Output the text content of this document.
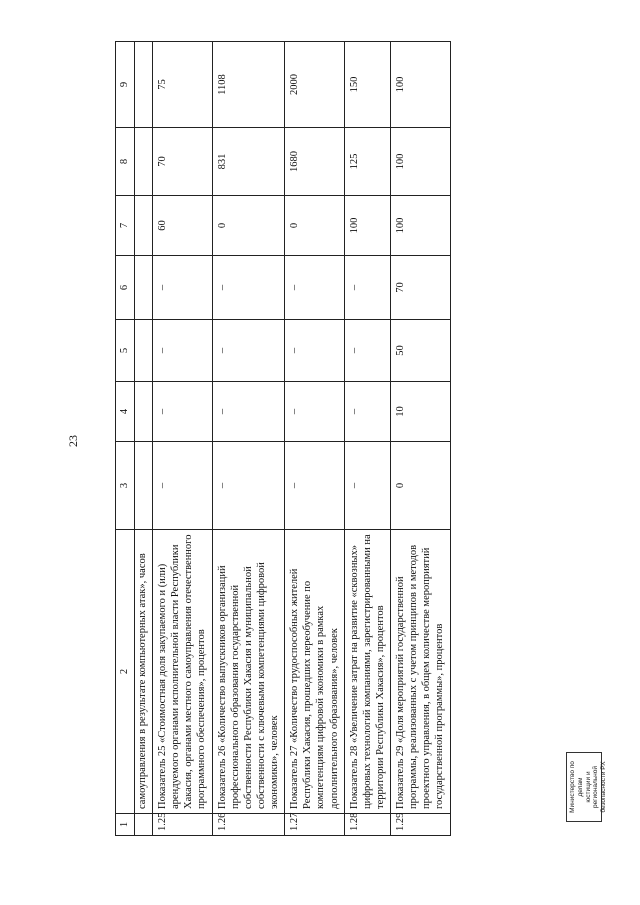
23
1	2	3	4	5	6	7	8	9
	самоуправления в результате компьютерных атак», часов							
1.25	Показатель 25 «Стоимостная доля закупаемого и (или) арендуемого органами исполнительной власти Республики Хакасия, органами местного самоуправления отечественного программного обеспечения», процентов	–	–	–	–	60	70	75
1.26	Показатель 26 «Количество выпускников организаций профессионального образования государственной собственности Республики Хакасия и муниципальной собственности с ключевыми компетенциями цифровой экономики», человек	–	–	–	–	0	831	1108
1.27	Показатель 27 «Количество трудоспособных жителей Республики Хакасия, прошедших переобучение по компетенциям цифровой экономики в рамках дополнительного образования», человек	–	–	–	–	0	1680	2000
1.28	Показатель 28 «Увеличение затрат на развитие «сквозных» цифровых технологий компаниями, зарегистрированными на территории Республики Хакасия», процентов	–	–	–	–	100	125	150
1.29	Показатель 29 «Доля мероприятий государственной программы, реализованных с учетом принципов и методов проектного управления, в общем количестве мероприятий государственной программы», процентов	0	10	50	70	100	100	100
Министерство по делам юстиции и региональной безопасности РХ
